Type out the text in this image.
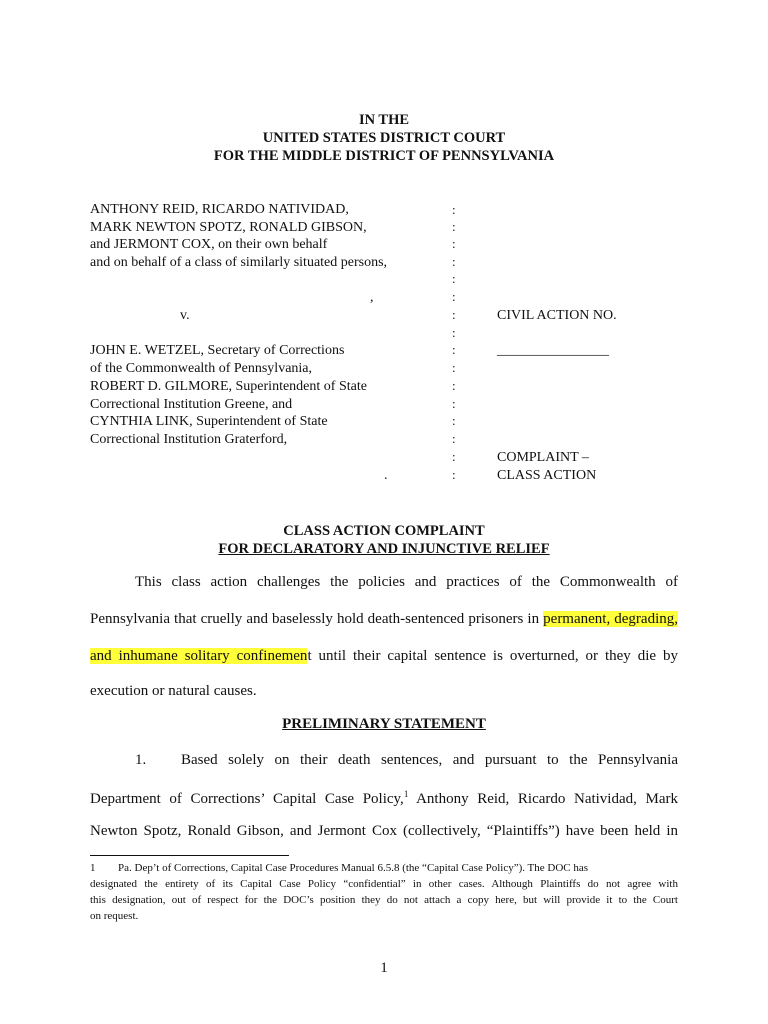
IN THE
UNITED STATES DISTRICT COURT
FOR THE MIDDLE DISTRICT OF PENNSYLVANIA
ANTHONY REID, RICARDO NATIVIDAD,
MARK NEWTON SPOTZ, RONALD GIBSON,
and JERMONT COX, on their own behalf
and on behalf of a class of similarly situated persons,
,
v.
JOHN E. WETZEL, Secretary of Corrections
of the Commonwealth of Pennsylvania,
ROBERT D. GILMORE, Superintendent of State
Correctional Institution Greene, and
CYNTHIA LINK, Superintendent of State
Correctional Institution Graterford,
.
:
:
:
:
:
:
:
:
:
:
:
:
:
:
:
:
CIVIL ACTION NO.
________________
COMPLAINT –
CLASS ACTION
CLASS ACTION COMPLAINT
FOR DECLARATORY AND INJUNCTIVE RELIEF
This class action challenges the policies and practices of the Commonwealth of
Pennsylvania that cruelly and baselessly hold death-sentenced prisoners in permanent, degrading,
and inhumane solitary confinement until their capital sentence is overturned, or they die by
execution or natural causes.
PRELIMINARY STATEMENT
1. Based solely on their death sentences, and pursuant to the Pennsylvania
Department of Corrections’ Capital Case Policy,$^1$ Anthony Reid, Ricardo Natividad, Mark
Newton Spotz, Ronald Gibson, and Jermont Cox (collectively, “Plaintiffs”) have been held in
1 Pa. Dep’t of Corrections, Capital Case Procedures Manual 6.5.8 (the “Capital Case Policy”). The DOC has
designated the entirety of its Capital Case Policy “confidential” in other cases. Although Plaintiffs do not agree with
this designation, out of respect for the DOC’s position they do not attach a copy here, but will provide it to the Court
on request.
1
